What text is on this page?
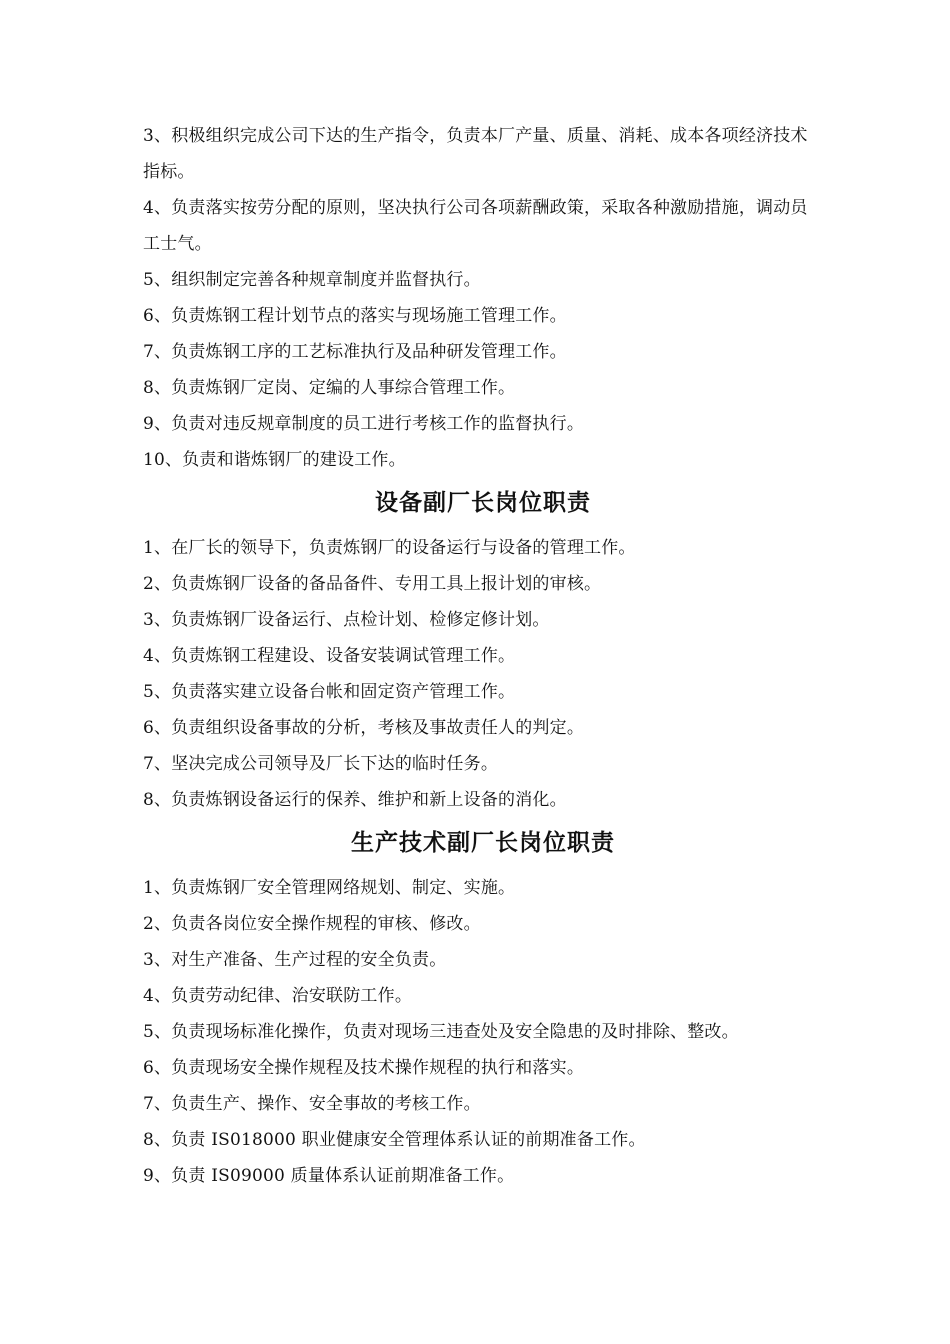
3、积极组织完成公司下达的生产指令，负责本厂产量、质量、消耗、成本各项经济技术指标。
4、负责落实按劳分配的原则，坚决执行公司各项薪酬政策，采取各种激励措施，调动员工士气。
5、组织制定完善各种规章制度并监督执行。
6、负责炼钢工程计划节点的落实与现场施工管理工作。
7、负责炼钢工序的工艺标准执行及品种研发管理工作。
8、负责炼钢厂定岗、定编的人事综合管理工作。
9、负责对违反规章制度的员工进行考核工作的监督执行。
10、负责和谐炼钢厂的建设工作。
设备副厂长岗位职责
1、在厂长的领导下，负责炼钢厂的设备运行与设备的管理工作。
2、负责炼钢厂设备的备品备件、专用工具上报计划的审核。
3、负责炼钢厂设备运行、点检计划、检修定修计划。
4、负责炼钢工程建设、设备安装调试管理工作。
5、负责落实建立设备台帐和固定资产管理工作。
6、负责组织设备事故的分析，考核及事故责任人的判定。
7、坚决完成公司领导及厂长下达的临时任务。
8、负责炼钢设备运行的保养、维护和新上设备的消化。
生产技术副厂长岗位职责
1、负责炼钢厂安全管理网络规划、制定、实施。
2、负责各岗位安全操作规程的审核、修改。
3、对生产准备、生产过程的安全负责。
4、负责劳动纪律、治安联防工作。
5、负责现场标准化操作，负责对现场三违查处及安全隐患的及时排除、整改。
6、负责现场安全操作规程及技术操作规程的执行和落实。
7、负责生产、操作、安全事故的考核工作。
8、负责 IS018000 职业健康安全管理体系认证的前期准备工作。
9、负责 IS09000 质量体系认证前期准备工作。
